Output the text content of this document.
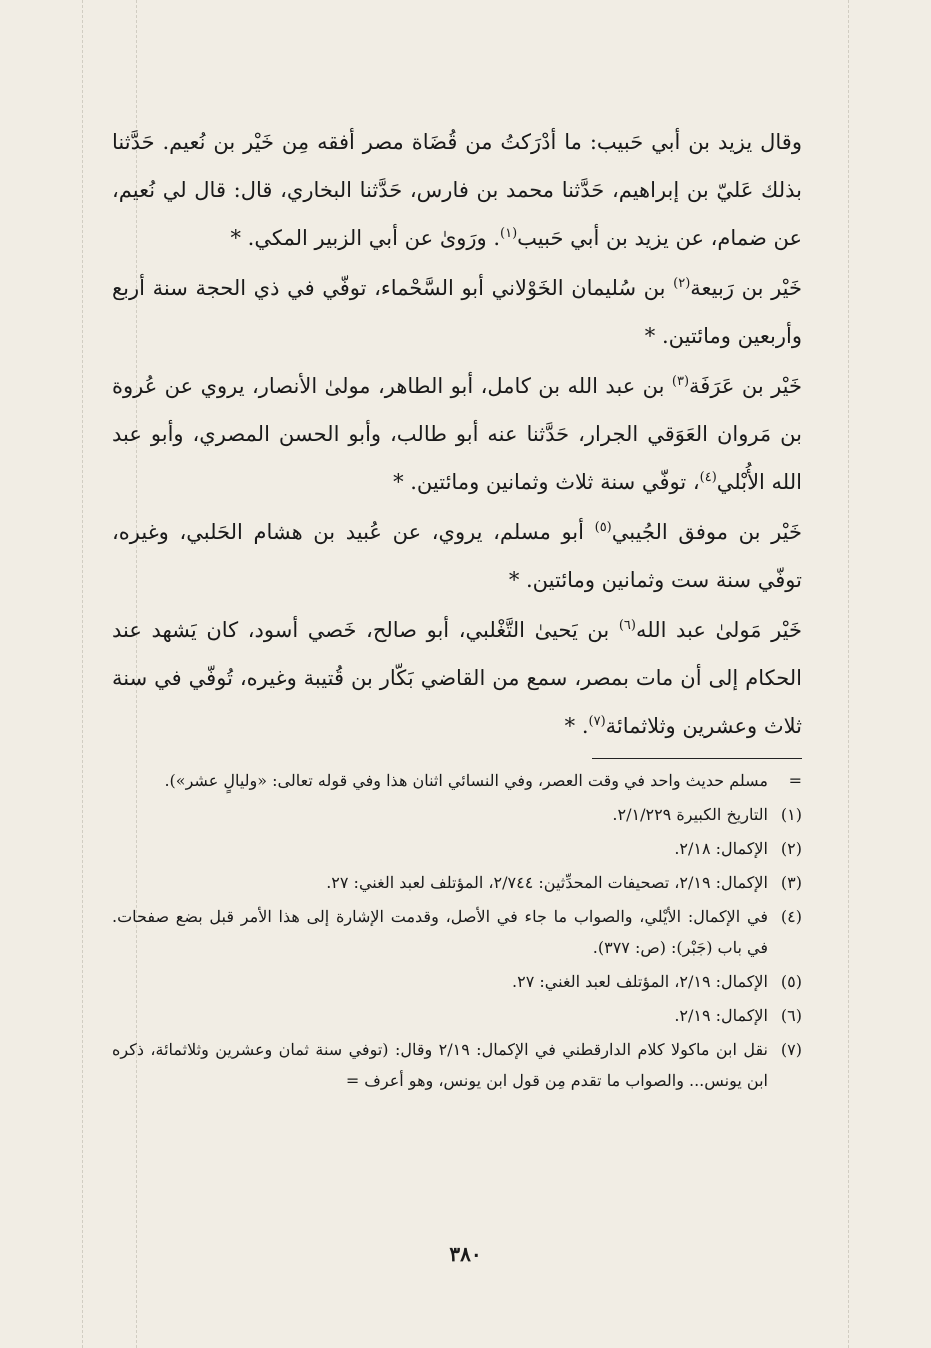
وقال يزيد بن أبي حَبيب: ما أدْرَكتُ من قُضَاة مصر أفقه مِن خَيْر بن نُعيم. حَدَّثنا بذلك عَليّ بن إبراهيم، حَدَّثنا محمد بن فارس، حَدَّثنا البخاري، قال: قال لي نُعيم، عن ضمام، عن يزيد بن أبي حَبيب$^{(١)}$. ورَوىٰ عن أبي الزبير المكي. *

خَيْر بن رَبيعة$^{(٢)}$ بن سُليمان الخَوْلاني أبو السَّحْماء، توفّي في ذي الحجة سنة أربع وأربعين ومائتين. *

خَيْر بن عَرَفَة$^{(٣)}$ بن عبد الله بن كامل، أبو الطاهر، مولىٰ الأنصار، يروي عن عُروة بن مَروان العَوَقي الجرار، حَدَّثنا عنه أبو طالب، وأبو الحسن المصري، وأبو عبد الله الأُبْلي$^{(٤)}$، توفّي سنة ثلاث وثمانين ومائتين. *

خَيْر بن موفق الجُيبي$^{(٥)}$ أبو مسلم، يروي، عن عُبيد بن هشام الحَلبي، وغيره، توفّي سنة ست وثمانين ومائتين. *

خَيْر مَولىٰ عبد الله$^{(٦)}$ بن يَحيىٰ التَّغْلبي، أبو صالح، خَصي أسود، كان يَشهد عند الحكام إلى أن مات بمصر، سمع من القاضي بَكّار بن قُتيبة وغيره، تُوفّي في سنة ثلاث وعشرين وثلاثمائة$^{(٧)}$. *

=مسلم حديث واحد في وقت العصر، وفي النسائي اثنان هذا وفي قوله تعالى: «وليالٍ عشر»).

(١)التاريخ الكبيرة ٢/١/٢٢٩.

(٢)الإكمال: ٢/١٨.

(٣)الإكمال: ٢/١٩، تصحيفات المحدِّثين: ٢/٧٤٤، المؤتلف لعبد الغني: ٢٧.

(٤)في الإكمال: الأيْلي، والصواب ما جاء في الأصل، وقدمت الإشارة إلى هذا الأمر قبل بضع صفحات. في باب (جَبْر): (ص: ٣٧٧).

(٥)الإكمال: ٢/١٩، المؤتلف لعبد الغني: ٢٧.

(٦)الإكمال: ٢/١٩.

(٧)نقل ابن ماكولا كلام الدارقطني في الإكمال: ٢/١٩ وقال: (توفي سنة ثمان وعشرين وثلاثمائة، ذكره ابن يونس... والصواب ما تقدم مِن قول ابن يونس، وهو أعرف =

٣٨٠
